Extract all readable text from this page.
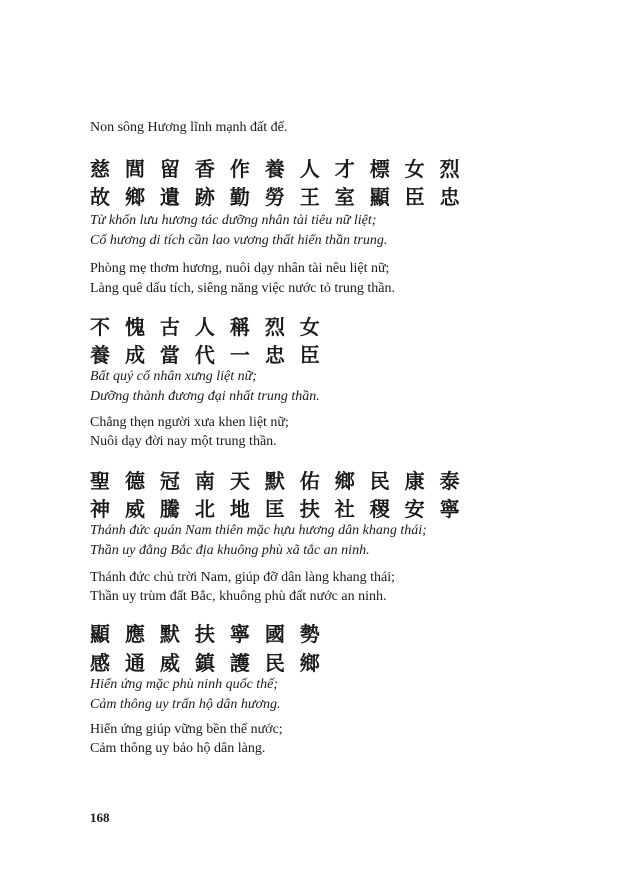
Non sông Hương lĩnh mạnh đất đế.
慈 閭 留 香 作 養 人 才 標 女 烈
故 鄉 遺 跡 勤 勞 王 室 顯 臣 忠
Từ khổn lưu hương tác dưỡng nhân tài tiêu nữ liệt;
Cố hương di tích cần lao vương thất hiển thần trung.
Phòng mẹ thơm hương, nuôi dạy nhân tài nêu liệt nữ;
Làng quê dấu tích, siêng năng việc nước tỏ trung thần.
不 愧 古 人 稱 烈 女
養 成 當 代 一 忠 臣
Bất quý cổ nhân xưng liệt nữ;
Dưỡng thành đương đại nhất trung thần.
Chẳng thẹn người xưa khen liệt nữ;
Nuôi dạy đời nay một trung thần.
聖 德 冠 南 天 默 佑 鄉 民 康 泰
神 威 騰 北 地 匡 扶 社 稷 安 寧
Thánh đức quán Nam thiên mặc hựu hương dân khang thái;
Thần uy đằng Bắc địa khuông phù xã tắc an ninh.
Thánh đức chủ trời Nam, giúp đỡ dân làng khang thái;
Thần uy trùm đất Bắc, khuông phù đất nước an ninh.
顯 應 默 扶 寧 國 勢
感 通 威 鎮 護 民 鄉
Hiển ứng mặc phù ninh quốc thế;
Cảm thông uy trấn hộ dân hương.
Hiển ứng giúp vững bền thế nước;
Cảm thông uy bảo hộ dân làng.
168
